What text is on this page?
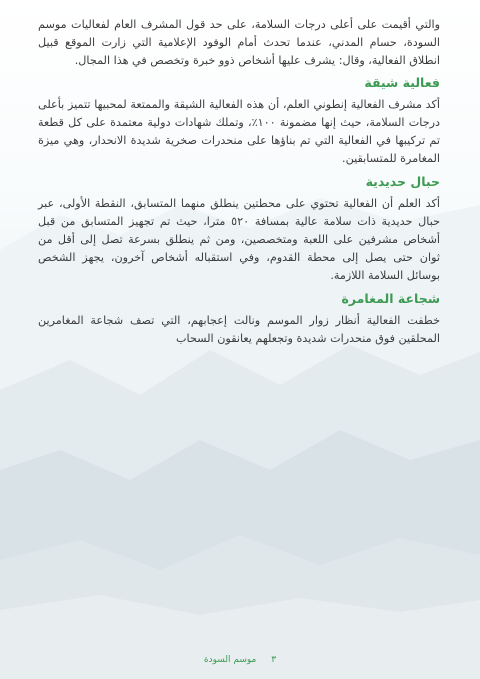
والتي أقيمت على أعلى درجات السلامة، على حد قول المشرف العام لفعاليات موسم السودة، حسام المدني، عندما تحدث أمام الوفود الإعلامية التي زارت الموقع قبيل انطلاق الفعالية، وقال: يشرف عليها أشخاص ذوو خبرة وتخصص في هذا المجال.

فعالية شيقة

أكد مشرف الفعالية إنطوني العلم، أن هذه الفعالية الشيقة والممتعة لمحبيها تتميز بأعلى درجات السلامة، حيث إنها مضمونة ١٠٠٪، وتملك شهادات دولية معتمدة على كل قطعة تم تركيبها في الفعالية التي تم بناؤها على منحدرات صخرية شديدة الانحدار، وهي ميزة المغامرة للمتسابقين.

حبال حديدية

أكد العلم أن الفعالية تحتوي على محطتين ينطلق منهما المتسابق، النقطة الأولى، عبر حبال حديدية ذات سلامة عالية بمسافة ٥٢٠ مترا، حيث تم تجهيز المتسابق من قبل أشخاص مشرفين على اللعبة ومتخصصين، ومن ثم ينطلق بسرعة تصل إلى أقل من ثوان حتى يصل إلى محطة القدوم، وفي استقباله أشخاص آخرون، يجهز الشخص بوسائل السلامة اللازمة.

شجاعة المغامرة

خطفت الفعالية أنظار زوار الموسم ونالت إعجابهم، التي تصف شجاعة المغامرين المحلقين فوق منحدرات شديدة وتجعلهم يعانقون السحاب

٣ موسم السودة
